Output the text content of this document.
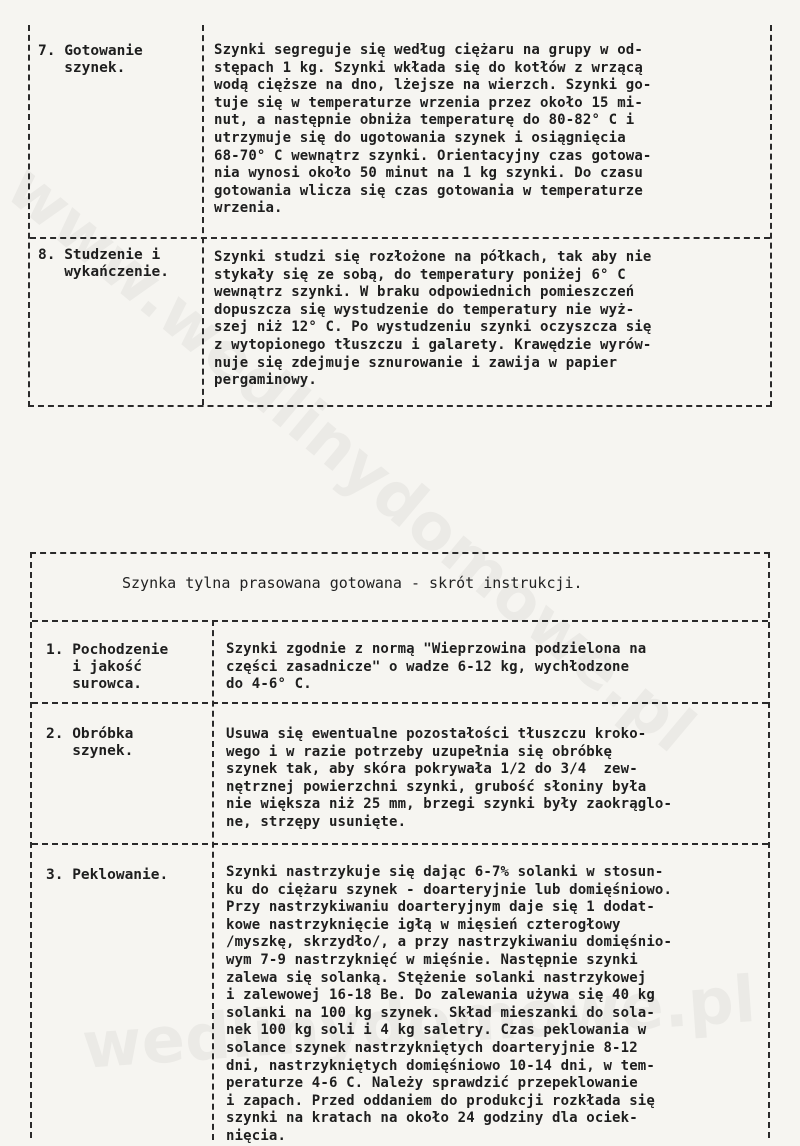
7. Gotowanie
szynek.
Szynki segreguje się według ciężaru na grupy w od-
stępach 1 kg. Szynki wkłada się do kotłów z wrzącą
wodą cięższe na dno, lżejsze na wierzch. Szynki go-
tuje się w temperaturze wrzenia przez około 15 mi-
nut, a następnie obniża temperaturę do 80-82° C i
utrzymuje się do ugotowania szynek i osiągnięcia
68-70° C wewnątrz szynki. Orientacyjny czas gotowa-
nia wynosi około 50 minut na 1 kg szynki. Do czasu
gotowania wlicza się czas gotowania w temperaturze
wrzenia.
8. Studzenie i
wykańczenie.
Szynki studzi się rozłożone na półkach, tak aby nie
stykały się ze sobą, do temperatury poniżej 6° C
wewnątrz szynki. W braku odpowiednich pomieszczeń
dopuszcza się wystudzenie do temperatury nie wyż-
szej niż 12° C. Po wystudzeniu szynki oczyszcza się
z wytopionego tłuszczu i galarety. Krawędzie wyrów-
nuje się zdejmuje sznurowanie i zawija w papier
pergaminowy.
Szynka tylna prasowana gotowana - skrót instrukcji.
1. Pochodzenie
i jakość
surowca.
Szynki zgodnie z normą "Wieprzowina podzielona na
części zasadnicze" o wadze 6-12 kg, wychłodzone
do 4-6° C.
2. Obróbka
szynek.
Usuwa się ewentualne pozostałości tłuszczu kroko-
wego i w razie potrzeby uzupełnia się obróbkę
szynek tak, aby skóra pokrywała 1/2 do 3/4  zew-
nętrznej powierzchni szynki, grubość słoniny była
nie większa niż 25 mm, brzegi szynki były zaokrąglo-
ne, strzępy usunięte.
3. Peklowanie.	Szynki nastrzykuje się dając 6-7% solanki w stosun-
ku do ciężaru szynek - doarteryjnie lub domięśniowo.
Przy nastrzykiwaniu doarteryjnym daje się 1 dodat-
kowe nastrzyknięcie igłą w mięsień czterogłowy
/myszkę, skrzydło/, a przy nastrzykiwaniu domięśnio-
wym 7-9 nastrzyknięć w mięśnie. Następnie szynki
zalewa się solanką. Stężenie solanki nastrzykowej
i zalewowej 16-18 Be. Do zalewania używa się 40 kg
solanki na 100 kg szynek. Skład mieszanki do sola-
nek 100 kg soli i 4 kg saletry. Czas peklowania w
solance szynek nastrzykniętych doarteryjnie 8-12
dni, nastrzykniętych domięśniowo 10-14 dni, w tem-
peraturze 4-6 C. Należy sprawdzić przepeklowanie
i zapach. Przed oddaniem do produkcji rozkłada się
szynki na kratach na około 24 godziny dla ociek-
nięcia.
